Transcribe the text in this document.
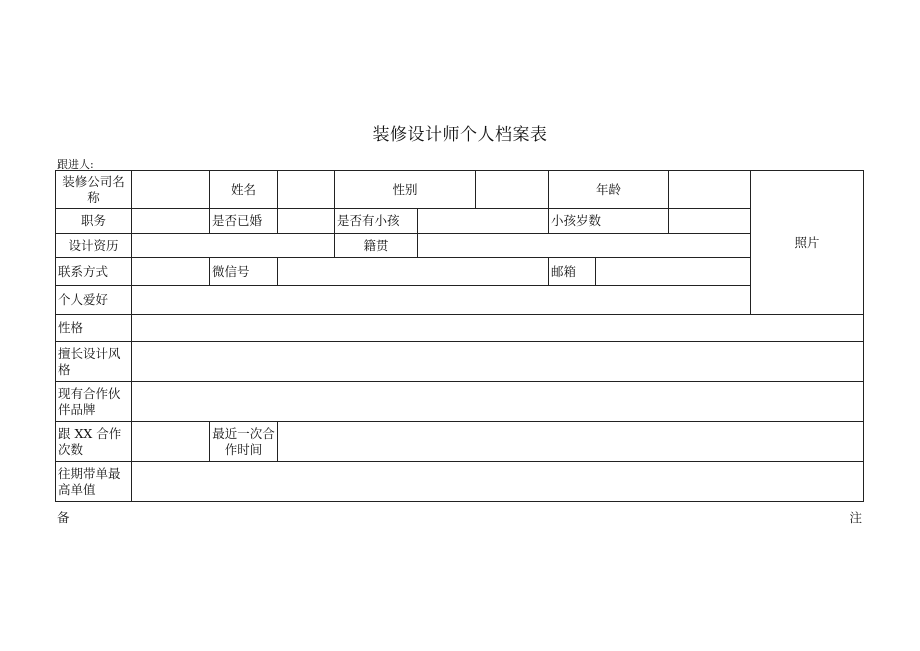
装修设计师个人档案表
跟进人:
装修公司名称		姓名		性别			年龄			照片
职务		是否已婚		是否有小孩			小孩岁数			
设计资历				籍贯						
联系方式		微信号					邮箱			
个人爱好										
性格										
擅长设计风格										
现有合作伙伴品牌										
跟 XX 合作次数		最近一次合作时间								
往期带单最高单值										
备	注
